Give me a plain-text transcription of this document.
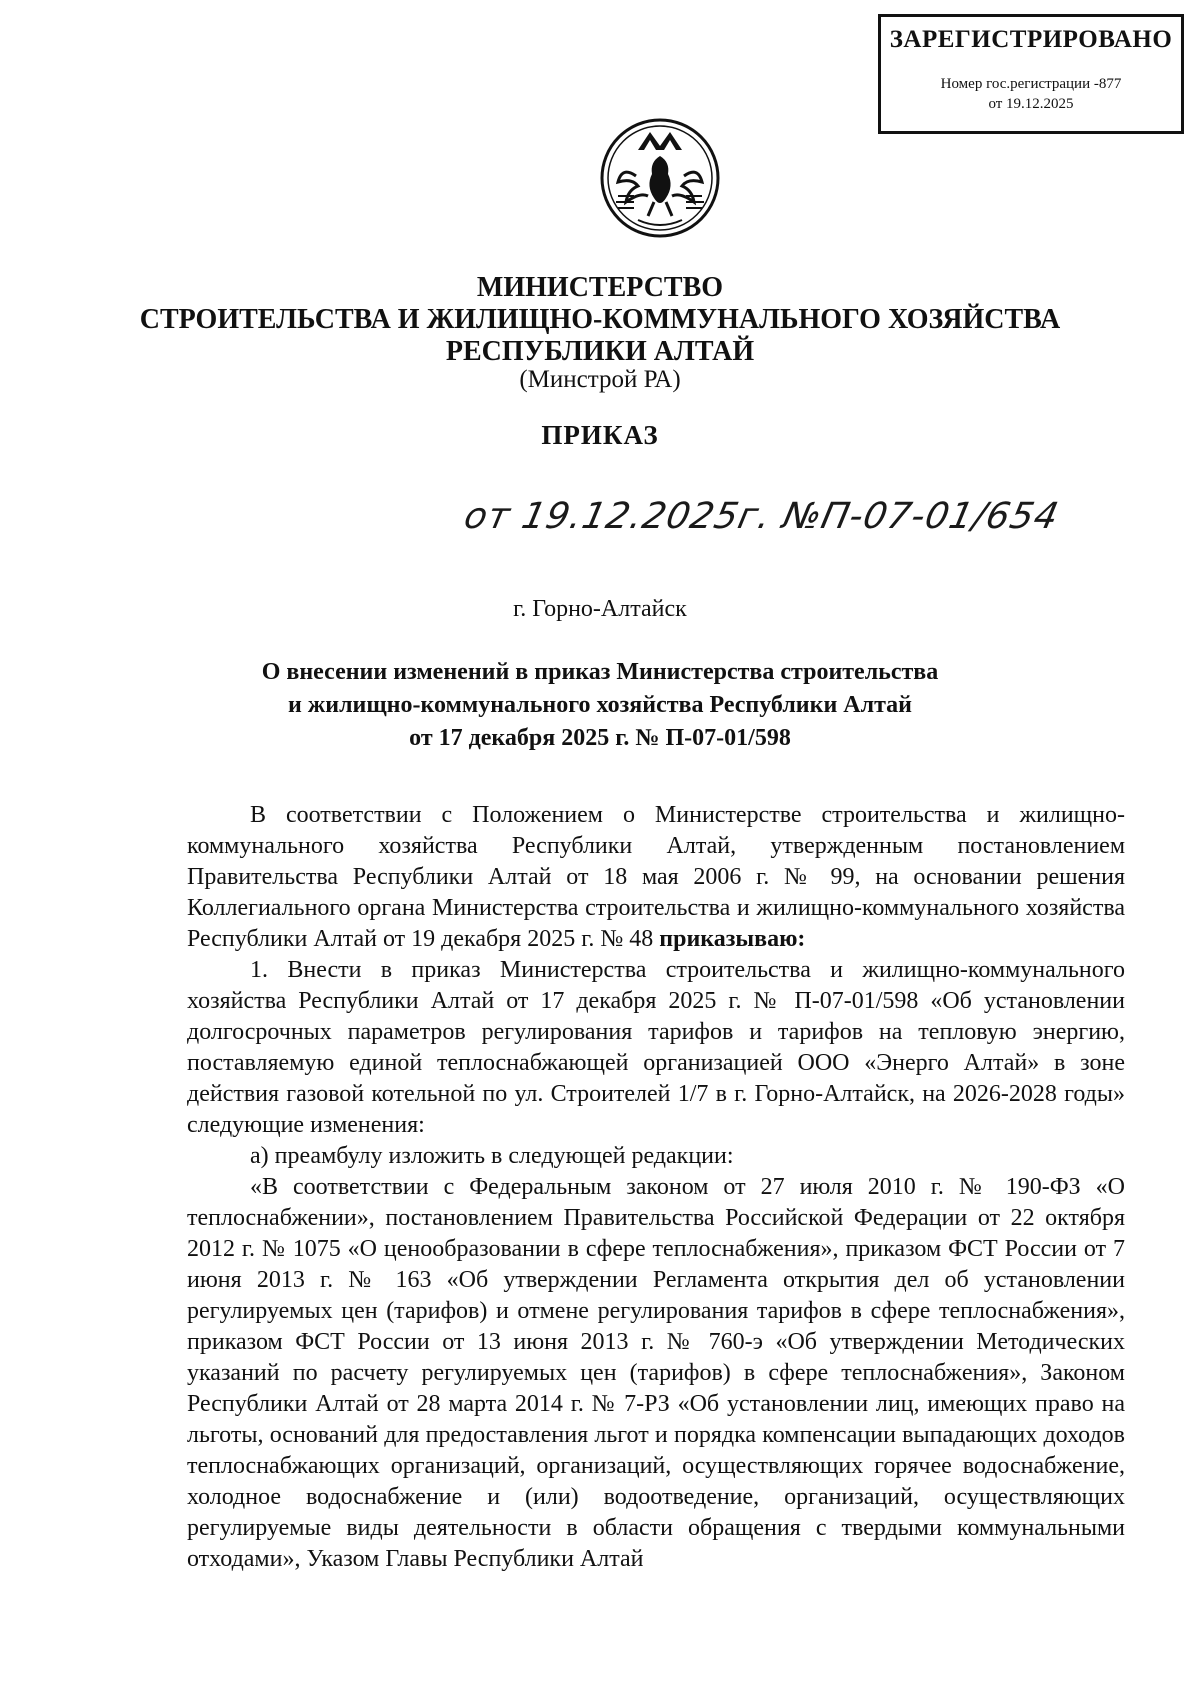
ЗАРЕГИСТРИРОВАНО
Номер гос.регистрации -877
от 19.12.2025
МИНИСТЕРСТВО
СТРОИТЕЛЬСТВА И ЖИЛИЩНО-КОММУНАЛЬНОГО ХОЗЯЙСТВА
РЕСПУБЛИКИ АЛТАЙ
(Минстрой РА)
ПРИКАЗ
от 19.12.2025г. №П-07-01/654
г. Горно-Алтайск
О внесении изменений в приказ Министерства строительства
и жилищно-коммунального хозяйства Республики Алтай
от 17 декабря 2025 г. № П-07-01/598

В соответствии с Положением о Министерстве строительства и жилищно-коммунального хозяйства Республики Алтай, утвержденным постановлением Правительства Республики Алтай от 18 мая 2006 г. № 99, на основании решения Коллегиального органа Министерства строительства и жилищно-коммунального хозяйства Республики Алтай от 19 декабря 2025 г. № 48 приказываю:

1. Внести в приказ Министерства строительства и жилищно-коммунального хозяйства Республики Алтай от 17 декабря 2025 г. № П-07-01/598 «Об установлении долгосрочных параметров регулирования тарифов и тарифов на тепловую энергию, поставляемую единой теплоснабжающей организацией ООО «Энерго Алтай» в зоне действия газовой котельной по ул. Строителей 1/7 в г. Горно-Алтайск, на 2026-2028 годы» следующие изменения:

а) преамбулу изложить в следующей редакции:

«В соответствии с Федеральным законом от 27 июля 2010 г. № 190-ФЗ «О теплоснабжении», постановлением Правительства Российской Федерации от 22 октября 2012 г. № 1075 «О ценообразовании в сфере теплоснабжения», приказом ФСТ России от 7 июня 2013 г. № 163 «Об утверждении Регламента открытия дел об установлении регулируемых цен (тарифов) и отмене регулирования тарифов в сфере теплоснабжения», приказом ФСТ России от 13 июня 2013 г. № 760-э «Об утверждении Методических указаний по расчету регулируемых цен (тарифов) в сфере теплоснабжения», Законом Республики Алтай от 28 марта 2014 г. № 7-РЗ «Об установлении лиц, имеющих право на льготы, оснований для предоставления льгот и порядка компенсации выпадающих доходов теплоснабжающих организаций, организаций, осуществляющих горячее водоснабжение, холодное водоснабжение и (или) водоотведение, организаций, осуществляющих регулируемые виды деятельности в области обращения с твердыми коммунальными отходами», Указом Главы Республики Алтай
